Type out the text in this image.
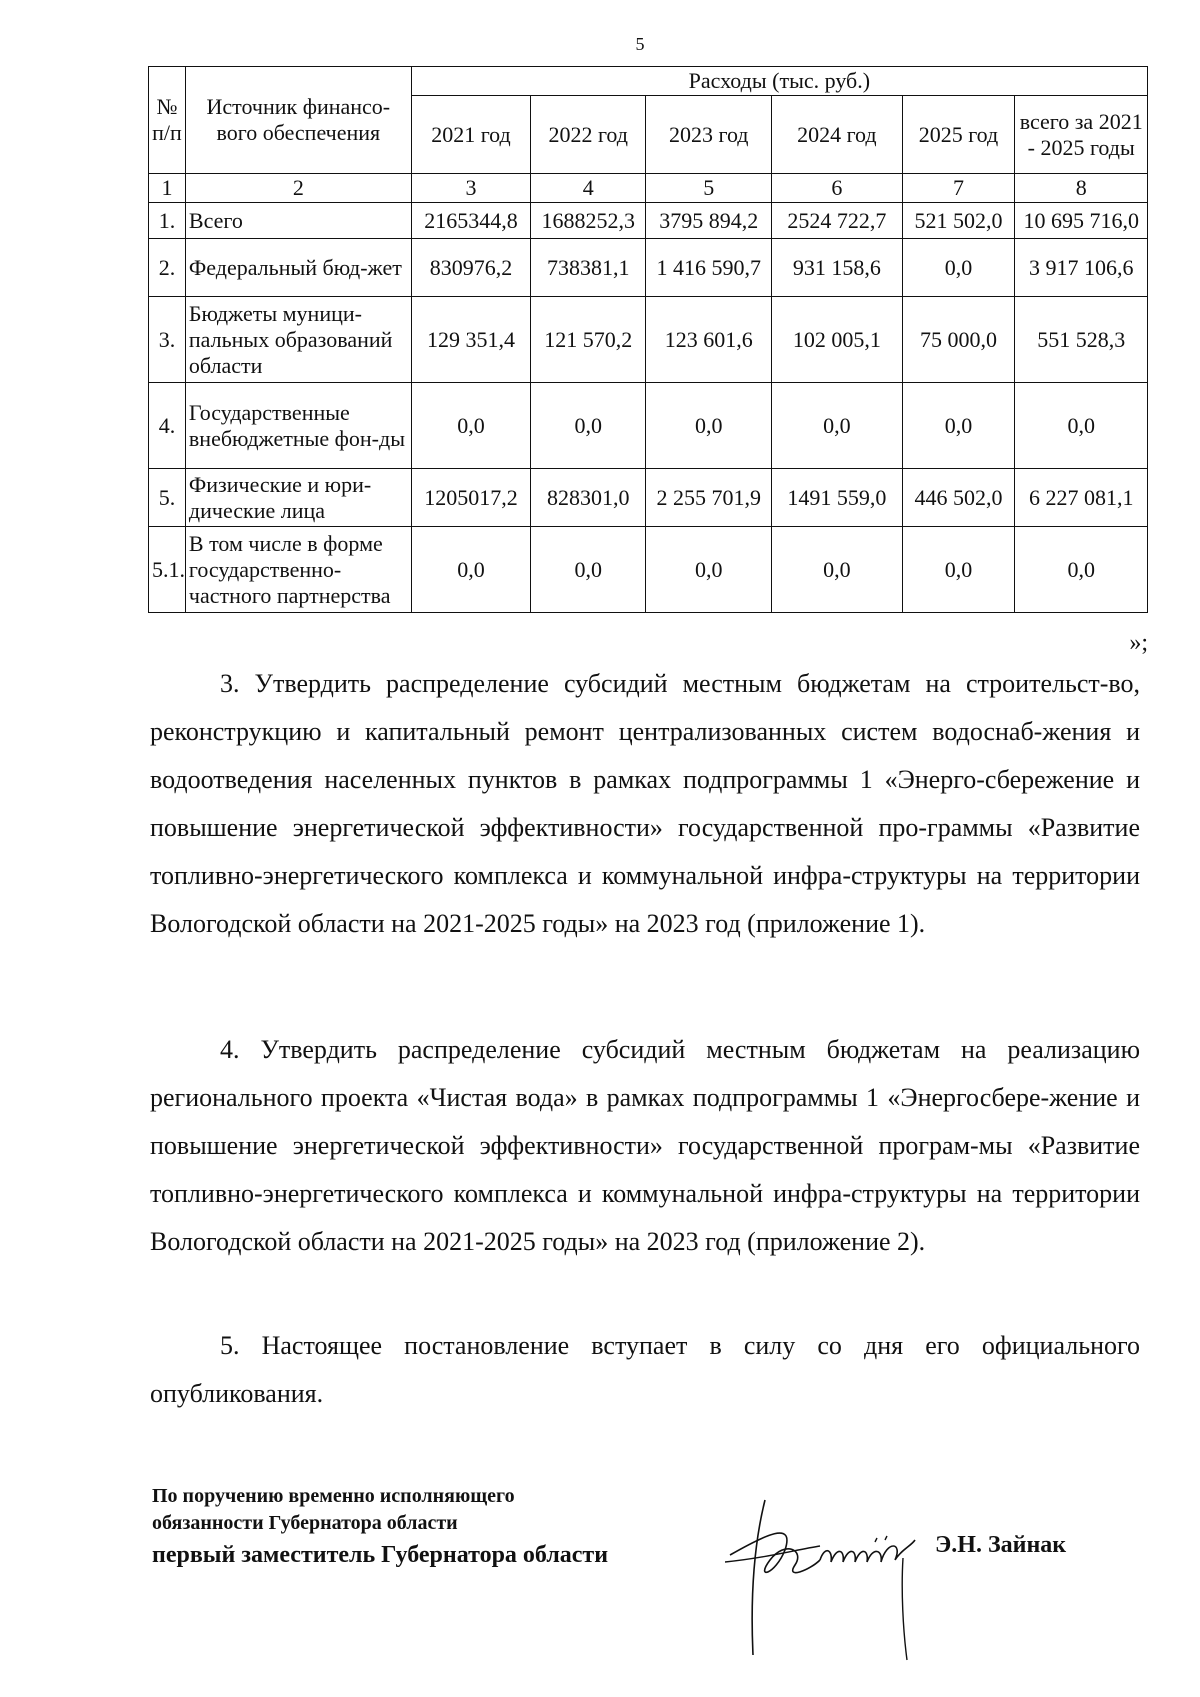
5
№ п/п	Источник финансо-вого обеспечения	Расходы (тыс. руб.)					
		2021 год	2022 год	2023 год	2024 год	2025 год	всего за 2021 - 2025 годы
1	2	3	4	5	6	7	8
1.	Всего	2165344,8	1688252,3	3795 894,2	2524 722,7	521 502,0	10 695 716,0
2.	Федеральный бюд-жет	830976,2	738381,1	1 416 590,7	931 158,6	0,0	3 917 106,6
3.	Бюджеты муници-пальных образований области	129 351,4	121 570,2	123 601,6	102 005,1	75 000,0	551 528,3
4.	Государственные внебюджетные фон-ды	0,0	0,0	0,0	0,0	0,0	0,0
5.	Физические и юри-дические лица	1205017,2	828301,0	2 255 701,9	1491 559,0	446 502,0	6 227 081,1
5.1.	В том числе в форме государственно-частного партнерства	0,0	0,0	0,0	0,0	0,0	0,0
»;

3. Утвердить распределение субсидий местным бюджетам на строительст-во, реконструкцию и капитальный ремонт централизованных систем водоснаб-жения и водоотведения населенных пунктов в рамках подпрограммы 1 «Энерго-сбережение и повышение энергетической эффективности» государственной про-граммы «Развитие топливно-энергетического комплекса и коммунальной инфра-структуры на территории Вологодской области на 2021-2025 годы» на 2023 год (приложение 1).

4. Утвердить распределение субсидий местным бюджетам на реализацию регионального проекта «Чистая вода» в рамках подпрограммы 1 «Энергосбере-жение и повышение энергетической эффективности» государственной програм-мы «Развитие топливно-энергетического комплекса и коммунальной инфра-структуры на территории Вологодской области на 2021-2025 годы» на 2023 год (приложение 2).

5. Настоящее постановление вступает в силу со дня его официального опубликования.

По поручению временно исполняющего
обязанности Губернатора области
первый заместитель Губернатора области	Э.Н. Зайнак
